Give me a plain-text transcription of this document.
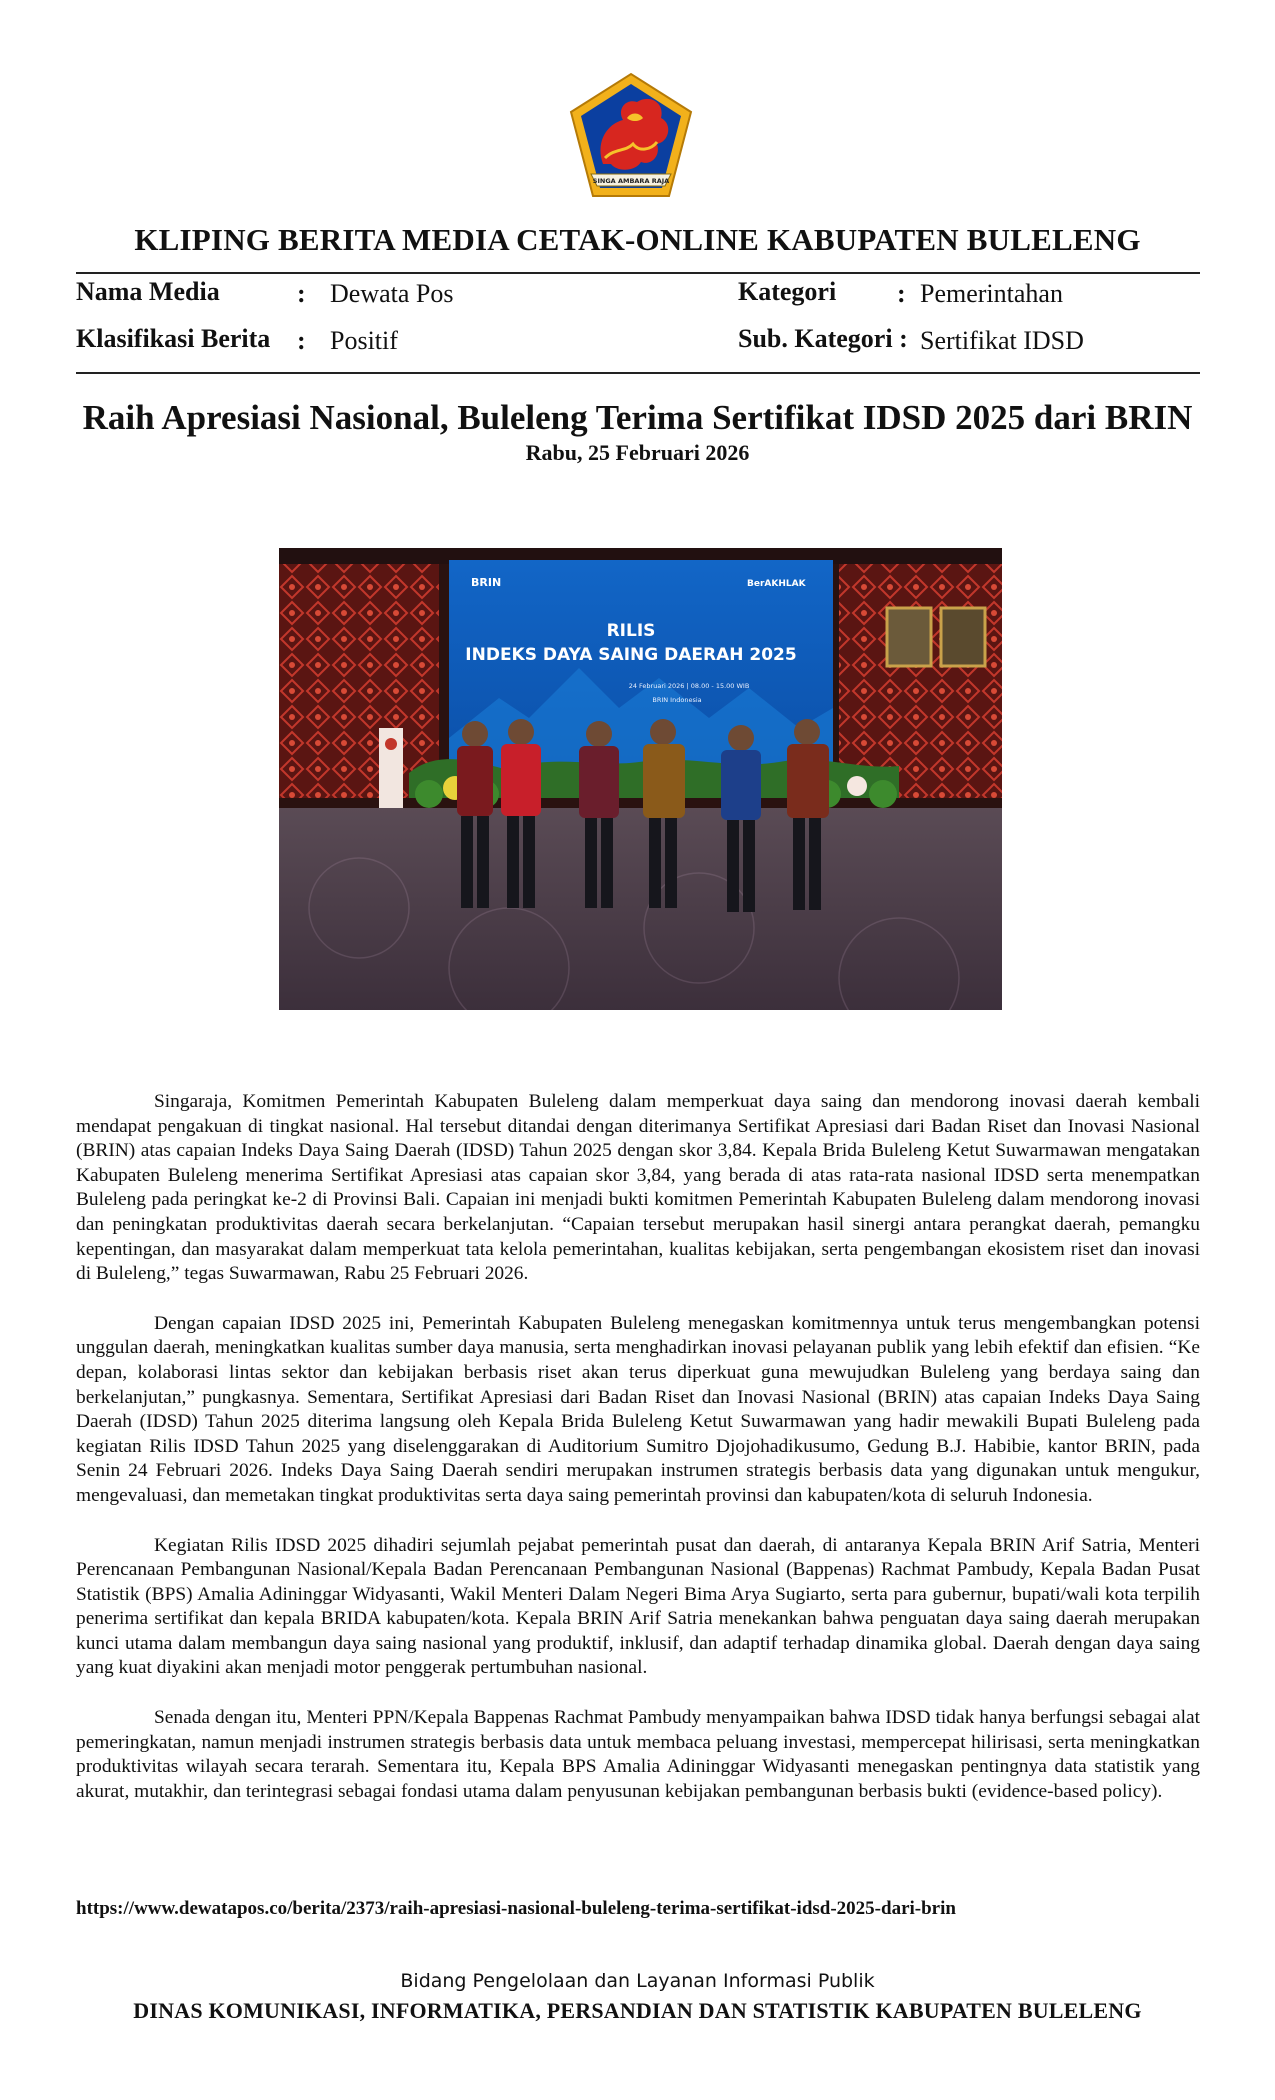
SINGA AMBARA RAJA
KLIPING BERITA MEDIA CETAK-ONLINE KABUPATEN BULELENG
Nama Media	: Dewata Pos
Klasifikasi Berita : Positif
Kategori : Pemerintahan
Sub. Kategori : Sertifikat IDSD
Raih Apresiasi Nasional, Buleleng Terima Sertifikat IDSD 2025 dari BRIN
Rabu, 25 Februari 2026
BRIN	BerAKHLAK
RILIS
INDEKS DAYA SAING DAERAH 2025
24 Februari 2026 | 08.00 - 15.00 WIB
BRIN Indonesia

Singaraja, Komitmen Pemerintah Kabupaten Buleleng dalam memperkuat daya saing dan mendorong inovasi daerah kembali mendapat pengakuan di tingkat nasional. Hal tersebut ditandai dengan diterimanya Sertifikat Apresiasi dari Badan Riset dan Inovasi Nasional (BRIN) atas capaian Indeks Daya Saing Daerah (IDSD) Tahun 2025 dengan skor 3,84. Kepala Brida Buleleng Ketut Suwarmawan mengatakan Kabupaten Buleleng menerima Sertifikat Apresiasi atas capaian skor 3,84, yang berada di atas rata-rata nasional IDSD serta menempatkan Buleleng pada peringkat ke-2 di Provinsi Bali. Capaian ini menjadi bukti komitmen Pemerintah Kabupaten Buleleng dalam mendorong inovasi dan peningkatan produktivitas daerah secara berkelanjutan. “Capaian tersebut merupakan hasil sinergi antara perangkat daerah, pemangku kepentingan, dan masyarakat dalam memperkuat tata kelola pemerintahan, kualitas kebijakan, serta pengembangan ekosistem riset dan inovasi di Buleleng,” tegas Suwarmawan, Rabu 25 Februari 2026.

Dengan capaian IDSD 2025 ini, Pemerintah Kabupaten Buleleng menegaskan komitmennya untuk terus mengembangkan potensi unggulan daerah, meningkatkan kualitas sumber daya manusia, serta menghadirkan inovasi pelayanan publik yang lebih efektif dan efisien. “Ke depan, kolaborasi lintas sektor dan kebijakan berbasis riset akan terus diperkuat guna mewujudkan Buleleng yang berdaya saing dan berkelanjutan,” pungkasnya. Sementara, Sertifikat Apresiasi dari Badan Riset dan Inovasi Nasional (BRIN) atas capaian Indeks Daya Saing Daerah (IDSD) Tahun 2025 diterima langsung oleh Kepala Brida Buleleng Ketut Suwarmawan yang hadir mewakili Bupati Buleleng pada kegiatan Rilis IDSD Tahun 2025 yang diselenggarakan di Auditorium Sumitro Djojohadikusumo, Gedung B.J. Habibie, kantor BRIN, pada Senin 24 Februari 2026. Indeks Daya Saing Daerah sendiri merupakan instrumen strategis berbasis data yang digunakan untuk mengukur, mengevaluasi, dan memetakan tingkat produktivitas serta daya saing pemerintah provinsi dan kabupaten/kota di seluruh Indonesia.

Kegiatan Rilis IDSD 2025 dihadiri sejumlah pejabat pemerintah pusat dan daerah, di antaranya Kepala BRIN Arif Satria, Menteri Perencanaan Pembangunan Nasional/Kepala Badan Perencanaan Pembangunan Nasional (Bappenas) Rachmat Pambudy, Kepala Badan Pusat Statistik (BPS) Amalia Adininggar Widyasanti, Wakil Menteri Dalam Negeri Bima Arya Sugiarto, serta para gubernur, bupati/wali kota terpilih penerima sertifikat dan kepala BRIDA kabupaten/kota. Kepala BRIN Arif Satria menekankan bahwa penguatan daya saing daerah merupakan kunci utama dalam membangun daya saing nasional yang produktif, inklusif, dan adaptif terhadap dinamika global. Daerah dengan daya saing yang kuat diyakini akan menjadi motor penggerak pertumbuhan nasional.

Senada dengan itu, Menteri PPN/Kepala Bappenas Rachmat Pambudy menyampaikan bahwa IDSD tidak hanya berfungsi sebagai alat pemeringkatan, namun menjadi instrumen strategis berbasis data untuk membaca peluang investasi, mempercepat hilirisasi, serta meningkatkan produktivitas wilayah secara terarah. Sementara itu, Kepala BPS Amalia Adininggar Widyasanti menegaskan pentingnya data statistik yang akurat, mutakhir, dan terintegrasi sebagai fondasi utama dalam penyusunan kebijakan pembangunan berbasis bukti (evidence-based policy).

https://www.dewatapos.co/berita/2373/raih-apresiasi-nasional-buleleng-terima-sertifikat-idsd-2025-dari-brin
Bidang Pengelolaan dan Layanan Informasi Publik
DINAS KOMUNIKASI, INFORMATIKA, PERSANDIAN DAN STATISTIK KABUPATEN BULELENG
